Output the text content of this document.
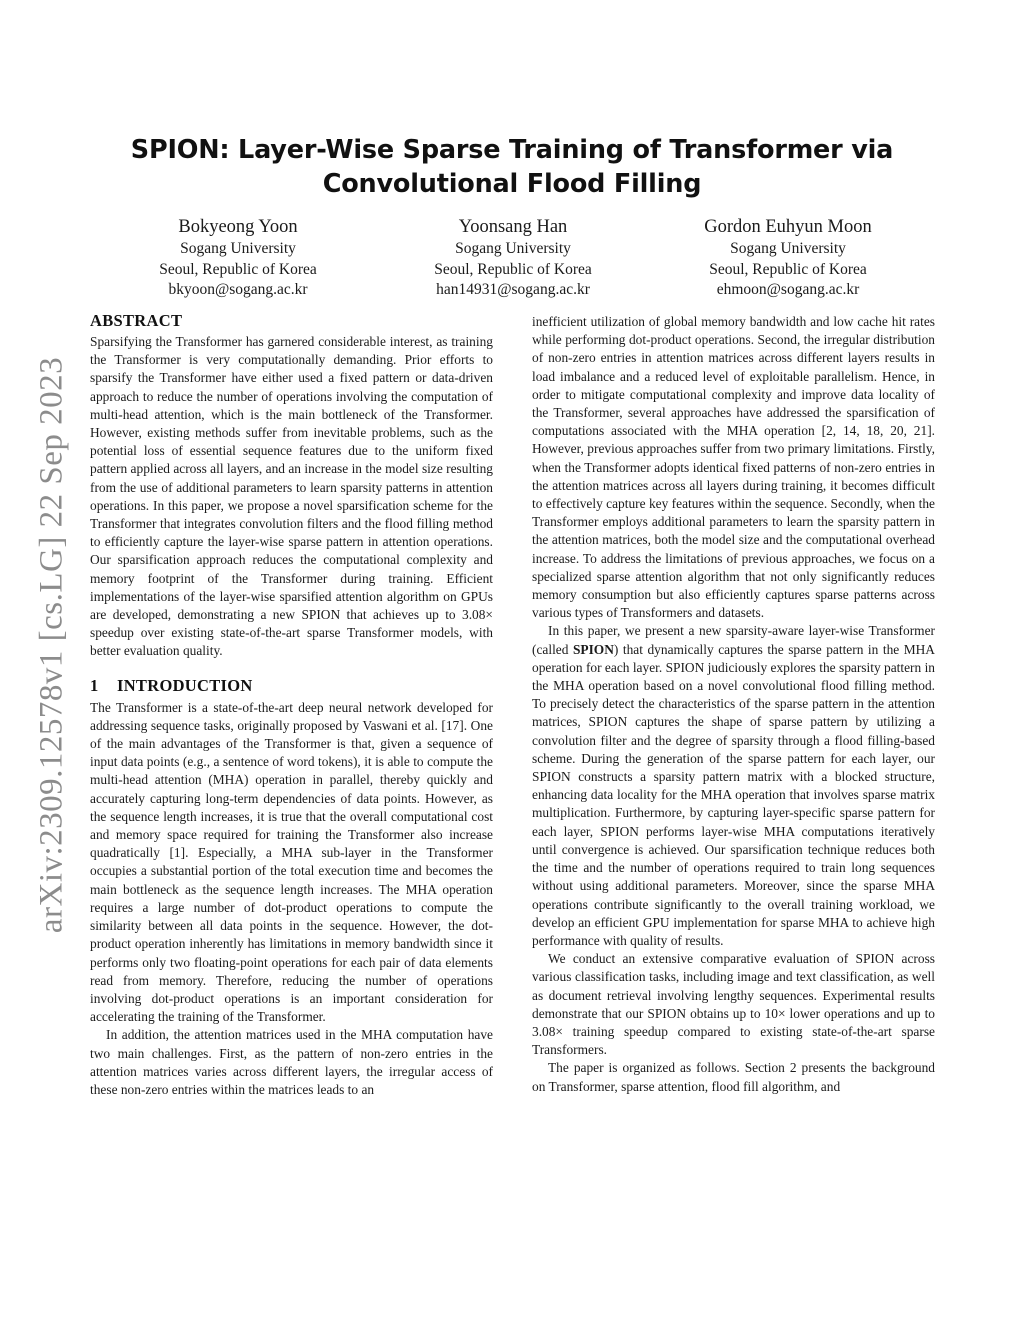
arXiv:2309.12578v1 [cs.LG] 22 Sep 2023
SPION: Layer-Wise Sparse Training of Transformer via
Convolutional Flood Filling
Bokyeong Yoon
Sogang University
Seoul, Republic of Korea
bkyoon@sogang.ac.kr
Yoonsang Han
Sogang University
Seoul, Republic of Korea
han14931@sogang.ac.kr
Gordon Euhyun Moon
Sogang University
Seoul, Republic of Korea
ehmoon@sogang.ac.kr
ABSTRACT

Sparsifying the Transformer has garnered considerable interest, as training the Transformer is very computationally demanding. Prior efforts to sparsify the Transformer have either used a fixed pattern or data-driven approach to reduce the number of operations involving the computation of multi-head attention, which is the main bottleneck of the Transformer. However, existing methods suffer from inevitable problems, such as the potential loss of essential sequence features due to the uniform fixed pattern applied across all layers, and an increase in the model size resulting from the use of additional parameters to learn sparsity patterns in attention operations. In this paper, we propose a novel sparsification scheme for the Transformer that integrates convolution filters and the flood filling method to efficiently capture the layer-wise sparse pattern in attention operations. Our sparsification approach reduces the computational complexity and memory footprint of the Transformer during training. Efficient implementations of the layer-wise sparsified attention algorithm on GPUs are developed, demonstrating a new SPION that achieves up to 3.08× speedup over existing state-of-the-art sparse Transformer models, with better evaluation quality.

1 INTRODUCTION

The Transformer is a state-of-the-art deep neural network developed for addressing sequence tasks, originally proposed by Vaswani et al. [17]. One of the main advantages of the Transformer is that, given a sequence of input data points (e.g., a sentence of word tokens), it is able to compute the multi-head attention (MHA) operation in parallel, thereby quickly and accurately capturing long-term dependencies of data points. However, as the sequence length increases, it is true that the overall computational cost and memory space required for training the Transformer also increase quadratically [1]. Especially, a MHA sub-layer in the Transformer occupies a substantial portion of the total execution time and becomes the main bottleneck as the sequence length increases. The MHA operation requires a large number of dot-product operations to compute the similarity between all data points in the sequence. However, the dot-product operation inherently has limitations in memory bandwidth since it performs only two floating-point operations for each pair of data elements read from memory. Therefore, reducing the number of operations involving dot-product operations is an important consideration for accelerating the training of the Transformer.

In addition, the attention matrices used in the MHA computation have two main challenges. First, as the pattern of non-zero entries in the attention matrices varies across different layers, the irregular access of these non-zero entries within the matrices leads to an

inefficient utilization of global memory bandwidth and low cache hit rates while performing dot-product operations. Second, the irregular distribution of non-zero entries in attention matrices across different layers results in load imbalance and a reduced level of exploitable parallelism. Hence, in order to mitigate computational complexity and improve data locality of the Transformer, several approaches have addressed the sparsification of computations associated with the MHA operation [2, 14, 18, 20, 21]. However, previous approaches suffer from two primary limitations. Firstly, when the Transformer adopts identical fixed patterns of non-zero entries in the attention matrices across all layers during training, it becomes difficult to effectively capture key features within the sequence. Secondly, when the Transformer employs additional parameters to learn the sparsity pattern in the attention matrices, both the model size and the computational overhead increase. To address the limitations of previous approaches, we focus on a specialized sparse attention algorithm that not only significantly reduces memory consumption but also efficiently captures sparse patterns across various types of Transformers and datasets.

In this paper, we present a new sparsity-aware layer-wise Transformer (called SPION) that dynamically captures the sparse pattern in the MHA operation for each layer. SPION judiciously explores the sparsity pattern in the MHA operation based on a novel convolutional flood filling method. To precisely detect the characteristics of the sparse pattern in the attention matrices, SPION captures the shape of sparse pattern by utilizing a convolution filter and the degree of sparsity through a flood filling-based scheme. During the generation of the sparse pattern for each layer, our SPION constructs a sparsity pattern matrix with a blocked structure, enhancing data locality for the MHA operation that involves sparse matrix multiplication. Furthermore, by capturing layer-specific sparse pattern for each layer, SPION performs layer-wise MHA computations iteratively until convergence is achieved. Our sparsification technique reduces both the time and the number of operations required to train long sequences without using additional parameters. Moreover, since the sparse MHA operations contribute significantly to the overall training workload, we develop an efficient GPU implementation for sparse MHA to achieve high performance with quality of results.

We conduct an extensive comparative evaluation of SPION across various classification tasks, including image and text classification, as well as document retrieval involving lengthy sequences. Experimental results demonstrate that our SPION obtains up to 10× lower operations and up to 3.08× training speedup compared to existing state-of-the-art sparse Transformers.

The paper is organized as follows. Section 2 presents the background on Transformer, sparse attention, flood fill algorithm, and
